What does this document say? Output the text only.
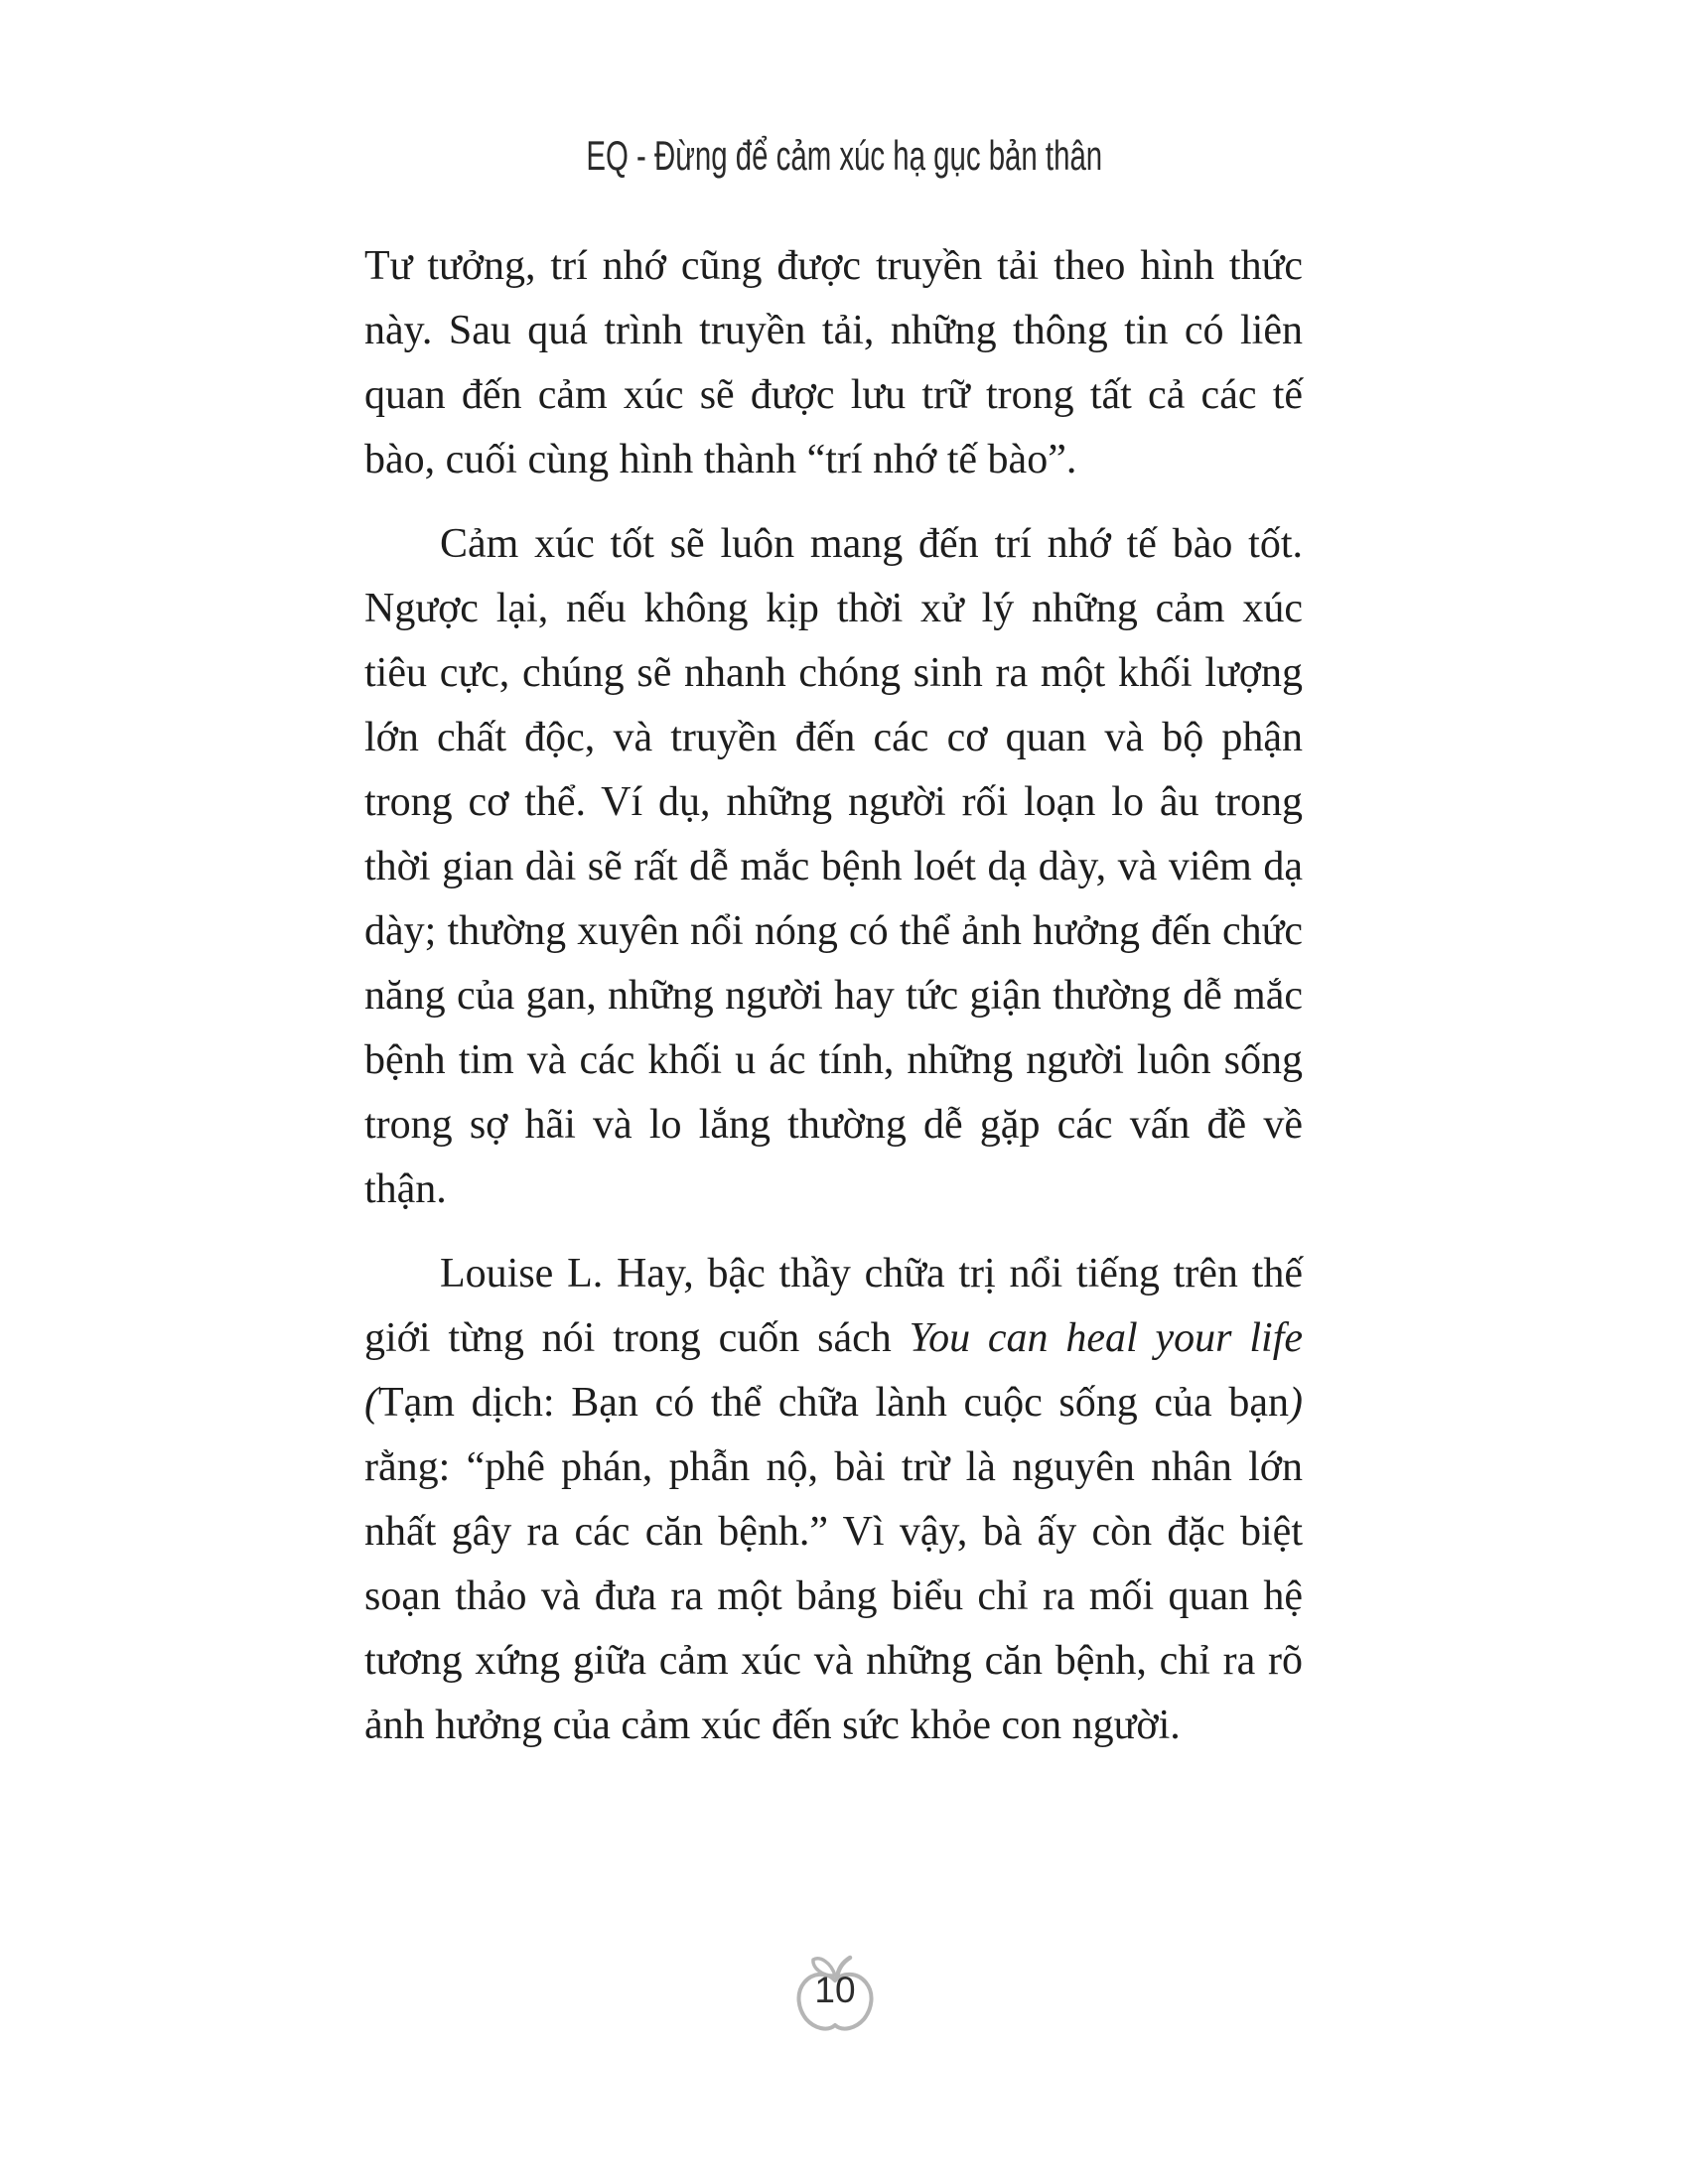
EQ - Đừng để cảm xúc hạ gục bản thân

Tư tưởng, trí nhớ cũng được truyền tải theo hình thức này. Sau quá trình truyền tải, những thông tin có liên quan đến cảm xúc sẽ được lưu trữ trong tất cả các tế bào, cuối cùng hình thành “trí nhớ tế bào”.

Cảm xúc tốt sẽ luôn mang đến trí nhớ tế bào tốt. Ngược lại, nếu không kịp thời xử lý những cảm xúc tiêu cực, chúng sẽ nhanh chóng sinh ra một khối lượng lớn chất độc, và truyền đến các cơ quan và bộ phận trong cơ thể. Ví dụ, những người rối loạn lo âu trong thời gian dài sẽ rất dễ mắc bệnh loét dạ dày, và viêm dạ dày; thường xuyên nổi nóng có thể ảnh hưởng đến chức năng của gan, những người hay tức giận thường dễ mắc bệnh tim và các khối u ác tính, những người luôn sống trong sợ hãi và lo lắng thường dễ gặp các vấn đề về thận.

Louise L. Hay, bậc thầy chữa trị nổi tiếng trên thế giới từng nói trong cuốn sách You can heal your life (Tạm dịch: Bạn có thể chữa lành cuộc sống của bạn) rằng: “phê phán, phẫn nộ, bài trừ là nguyên nhân lớn nhất gây ra các căn bệnh.” Vì vậy, bà ấy còn đặc biệt soạn thảo và đưa ra một bảng biểu chỉ ra mối quan hệ tương xứng giữa cảm xúc và những căn bệnh, chỉ ra rõ ảnh hưởng của cảm xúc đến sức khỏe con người.

10
